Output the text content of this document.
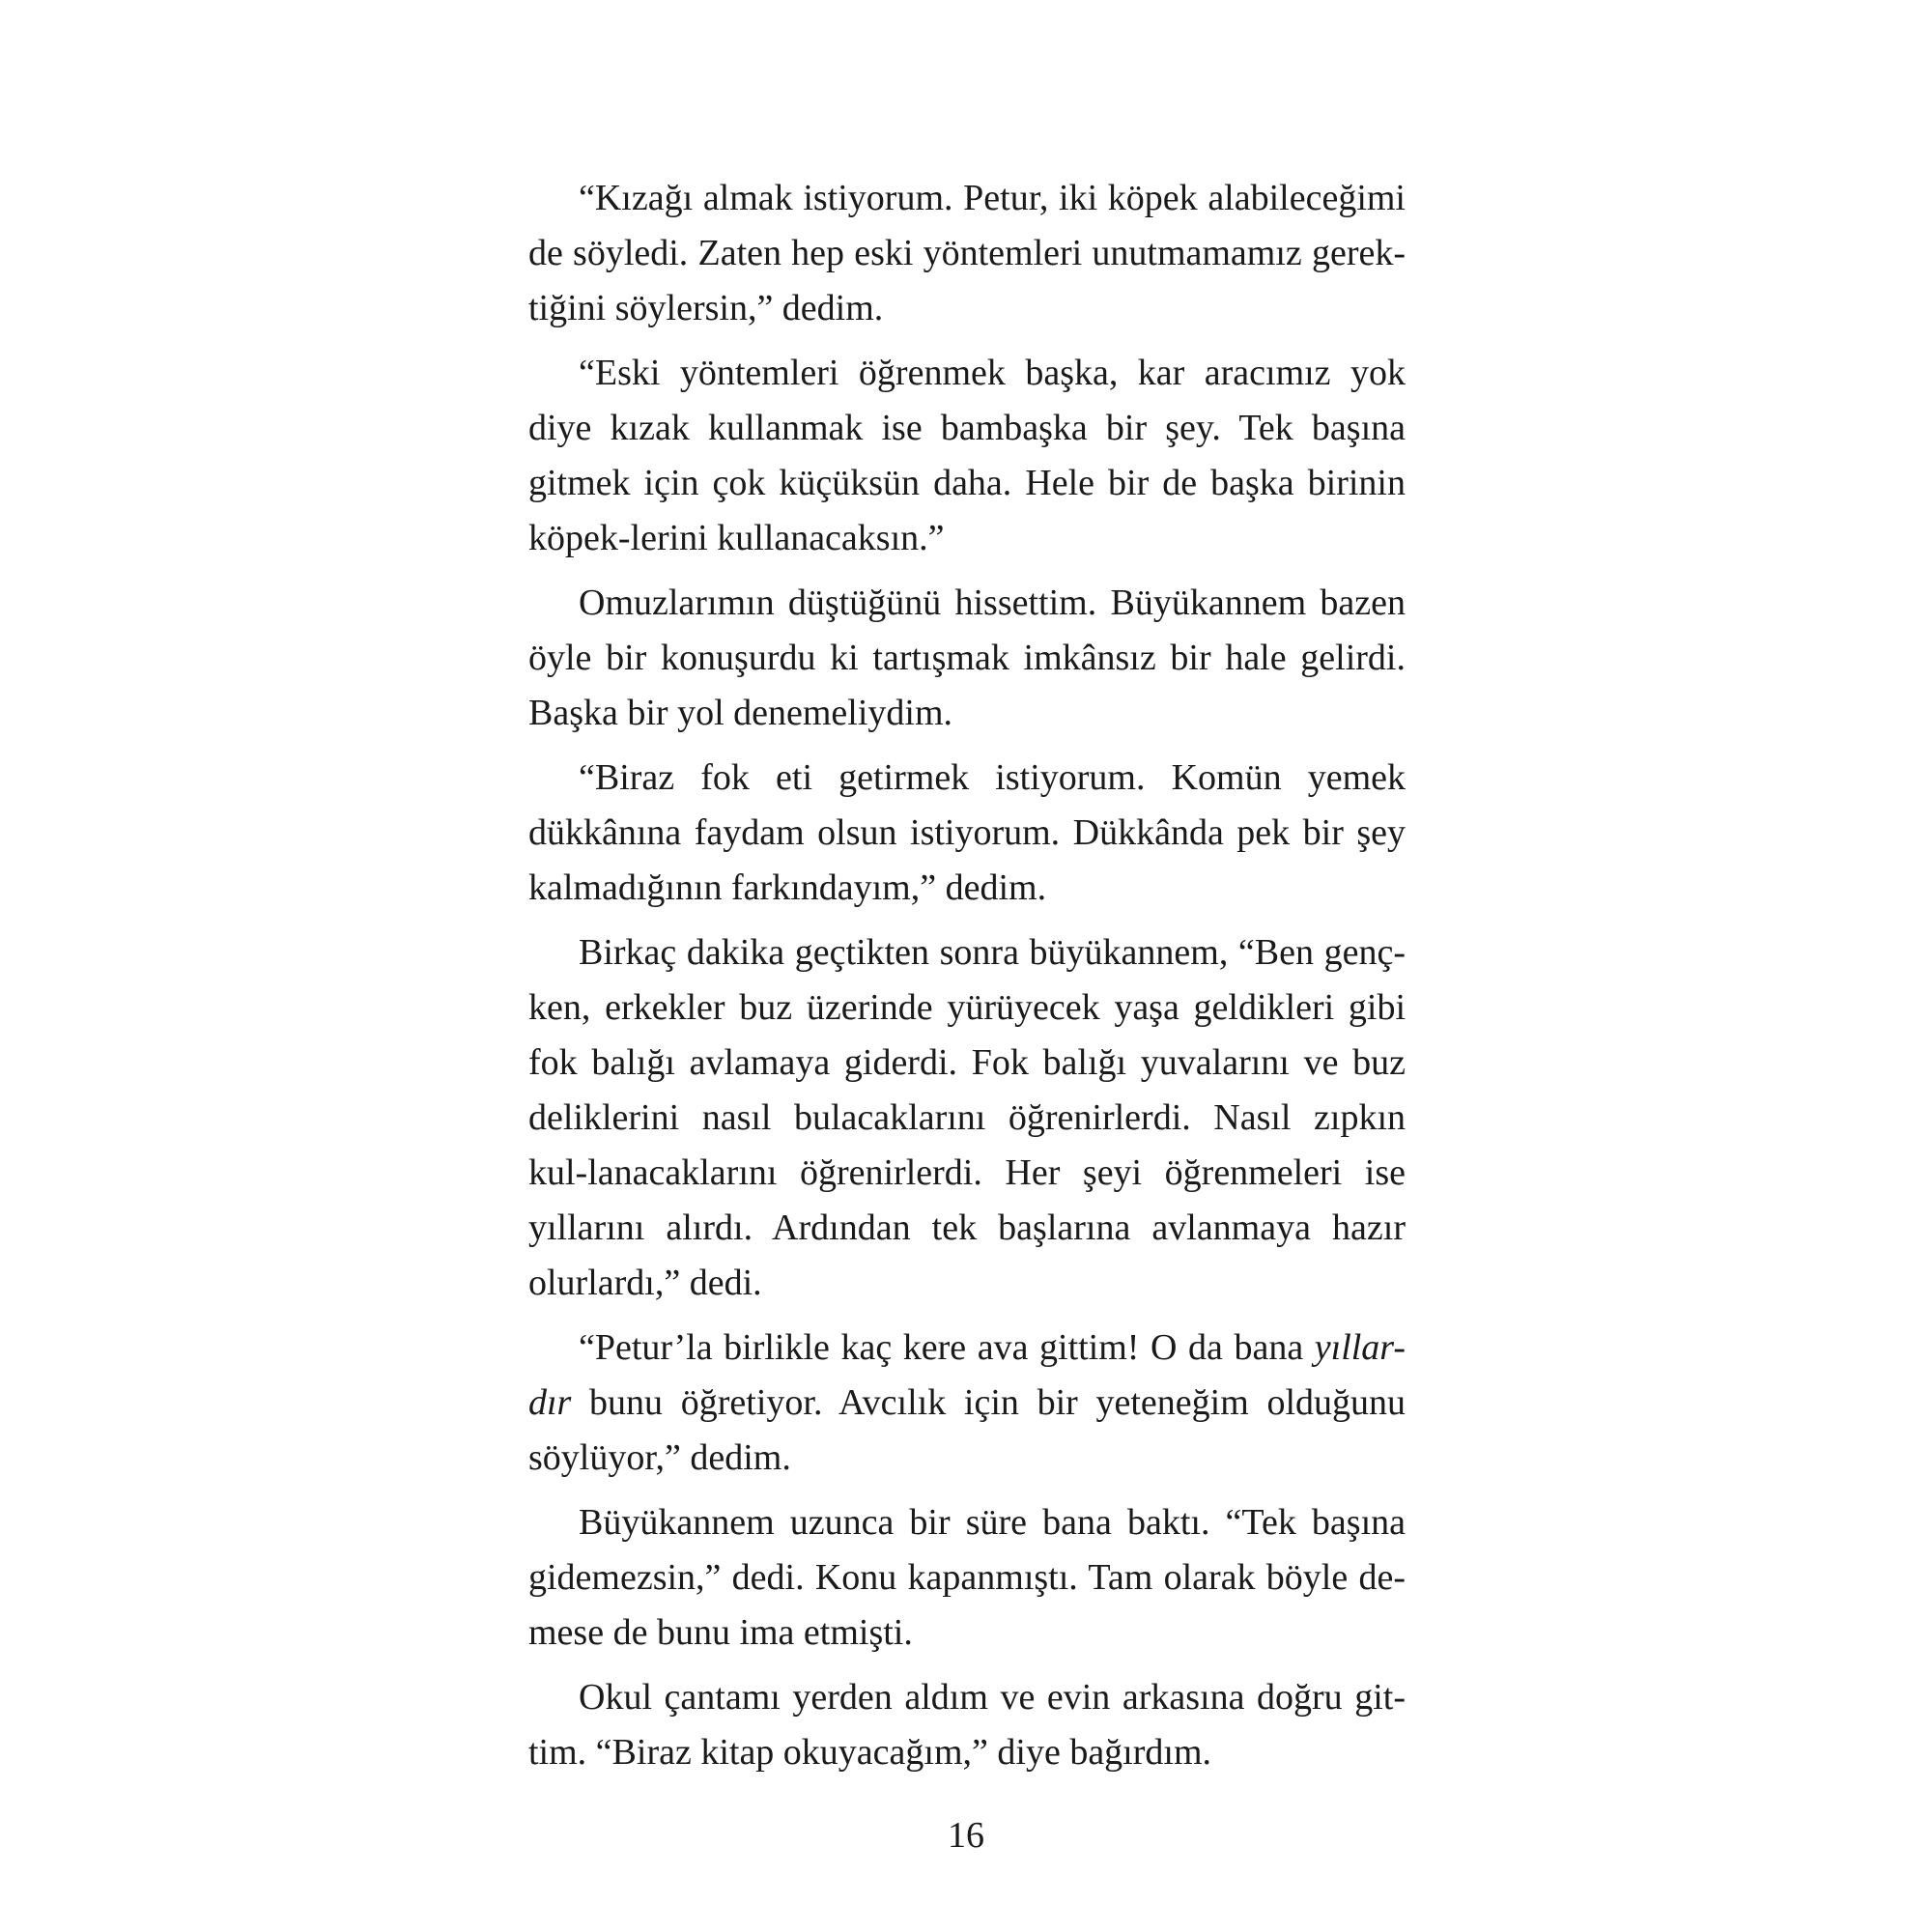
“Kızağı almak istiyorum. Petur, iki köpek alabileceğimi de söyledi. Zaten hep eski yöntemleri unutmamamız gerek-tiğini söylersin,” dedim.

“Eski yöntemleri öğrenmek başka, kar aracımız yok diye kızak kullanmak ise bambaşka bir şey. Tek başına gitmek için çok küçüksün daha. Hele bir de başka birinin köpek-lerini kullanacaksın.”

Omuzlarımın düştüğünü hissettim. Büyükannem bazen öyle bir konuşurdu ki tartışmak imkânsız bir hale gelirdi. Başka bir yol denemeliydim.

“Biraz fok eti getirmek istiyorum. Komün yemek dükkânına faydam olsun istiyorum. Dükkânda pek bir şey kalmadığının farkındayım,” dedim.

Birkaç dakika geçtikten sonra büyükannem, “Ben genç-ken, erkekler buz üzerinde yürüyecek yaşa geldikleri gibi fok balığı avlamaya giderdi. Fok balığı yuvalarını ve buz deliklerini nasıl bulacaklarını öğrenirlerdi. Nasıl zıpkın kul-lanacaklarını öğrenirlerdi. Her şeyi öğrenmeleri ise yıllarını alırdı. Ardından tek başlarına avlanmaya hazır olurlardı,” dedi.

“Petur’la birlikle kaç kere ava gittim! O da bana yıllar-dır bunu öğretiyor. Avcılık için bir yeteneğim olduğunu söylüyor,” dedim.

Büyükannem uzunca bir süre bana baktı. “Tek başına gidemezsin,” dedi. Konu kapanmıştı. Tam olarak böyle de-mese de bunu ima etmişti.

Okul çantamı yerden aldım ve evin arkasına doğru git-tim. “Biraz kitap okuyacağım,” diye bağırdım.

16
